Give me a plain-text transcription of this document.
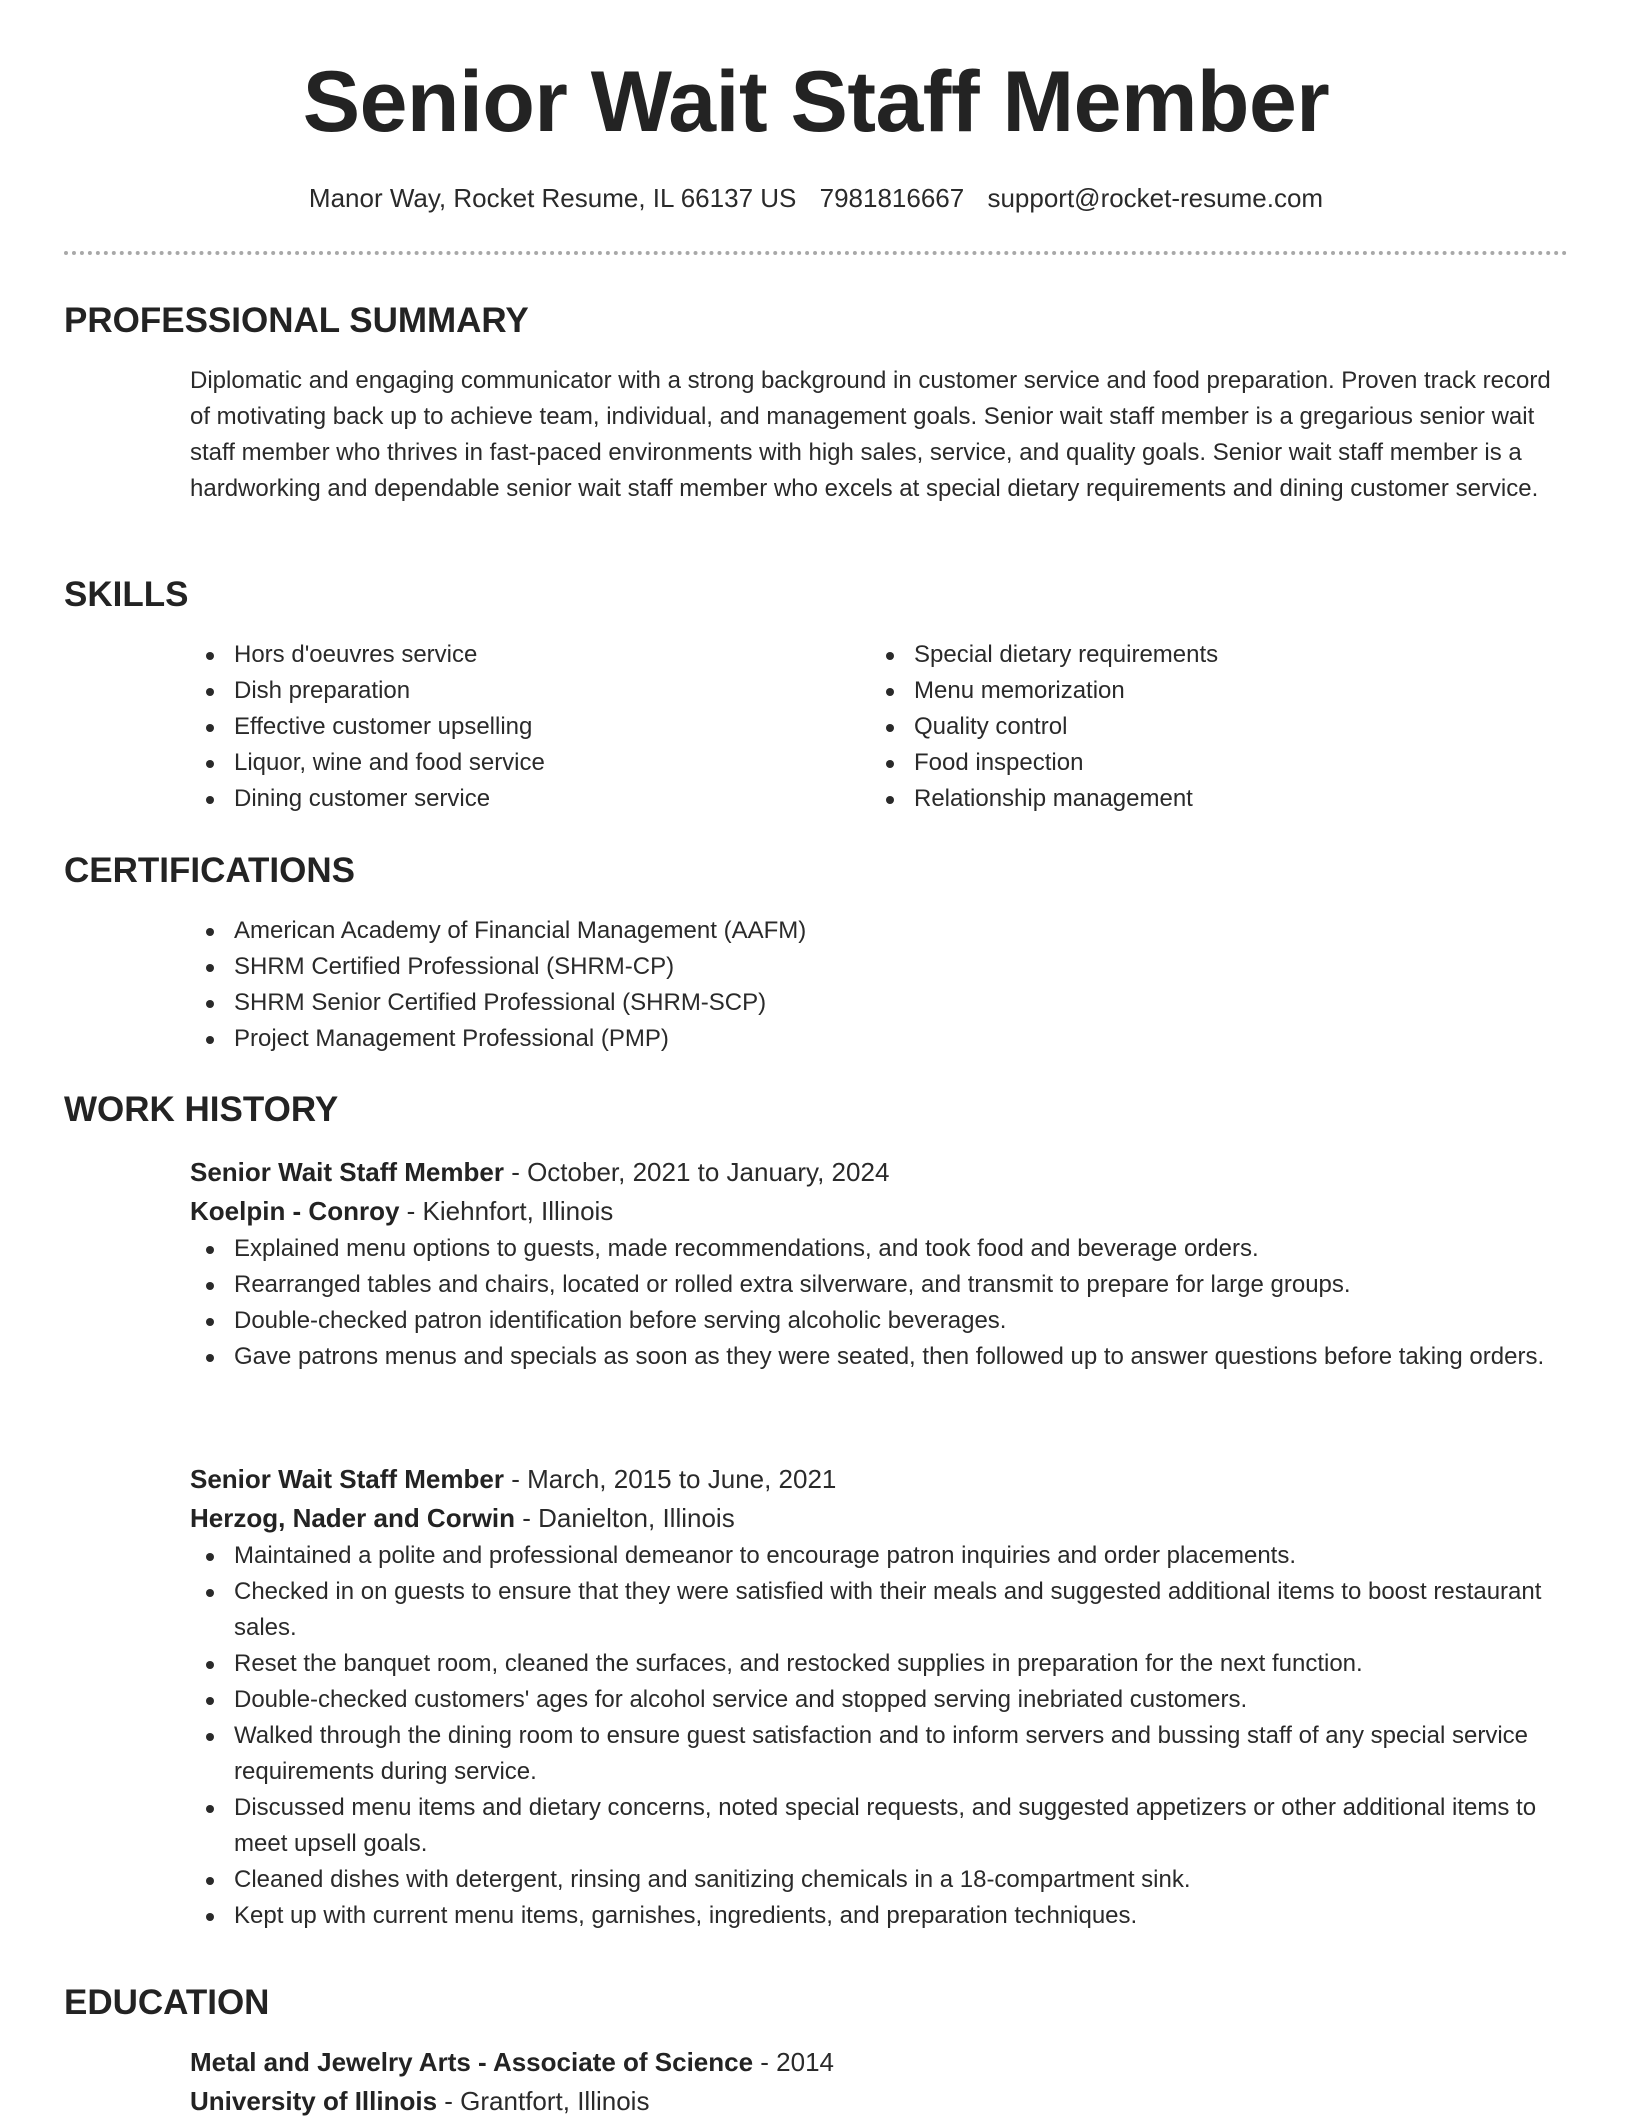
Senior Wait Staff Member
Manor Way, Rocket Resume, IL 66137 US 7981816667 support@rocket-resume.com
PROFESSIONAL SUMMARY
Diplomatic and engaging communicator with a strong background in customer service and food preparation. Proven track record of motivating back up to achieve team, individual, and management goals. Senior wait staff member is a gregarious senior wait staff member who thrives in fast-paced environments with high sales, service, and quality goals. Senior wait staff member is a hardworking and dependable senior wait staff member who excels at special dietary requirements and dining customer service.
SKILLS
Hors d'oeuvres service
Dish preparation
Effective customer upselling
Liquor, wine and food service
Dining customer service
Special dietary requirements
Menu memorization
Quality control
Food inspection
Relationship management
CERTIFICATIONS
American Academy of Financial Management (AAFM)
SHRM Certified Professional (SHRM-CP)
SHRM Senior Certified Professional (SHRM-SCP)
Project Management Professional (PMP)
WORK HISTORY
Senior Wait Staff Member - October, 2021 to January, 2024
Koelpin - Conroy - Kiehnfort, Illinois
Explained menu options to guests, made recommendations, and took food and beverage orders.
Rearranged tables and chairs, located or rolled extra silverware, and transmit to prepare for large groups.
Double-checked patron identification before serving alcoholic beverages.
Gave patrons menus and specials as soon as they were seated, then followed up to answer questions before taking orders.
Senior Wait Staff Member - March, 2015 to June, 2021
Herzog, Nader and Corwin - Danielton, Illinois
Maintained a polite and professional demeanor to encourage patron inquiries and order placements.
Checked in on guests to ensure that they were satisfied with their meals and suggested additional items to boost restaurant sales.
Reset the banquet room, cleaned the surfaces, and restocked supplies in preparation for the next function.
Double-checked customers' ages for alcohol service and stopped serving inebriated customers.
Walked through the dining room to ensure guest satisfaction and to inform servers and bussing staff of any special service requirements during service.
Discussed menu items and dietary concerns, noted special requests, and suggested appetizers or other additional items to meet upsell goals.
Cleaned dishes with detergent, rinsing and sanitizing chemicals in a 18-compartment sink.
Kept up with current menu items, garnishes, ingredients, and preparation techniques.
EDUCATION
Metal and Jewelry Arts - Associate of Science - 2014
University of Illinois - Grantfort, Illinois
